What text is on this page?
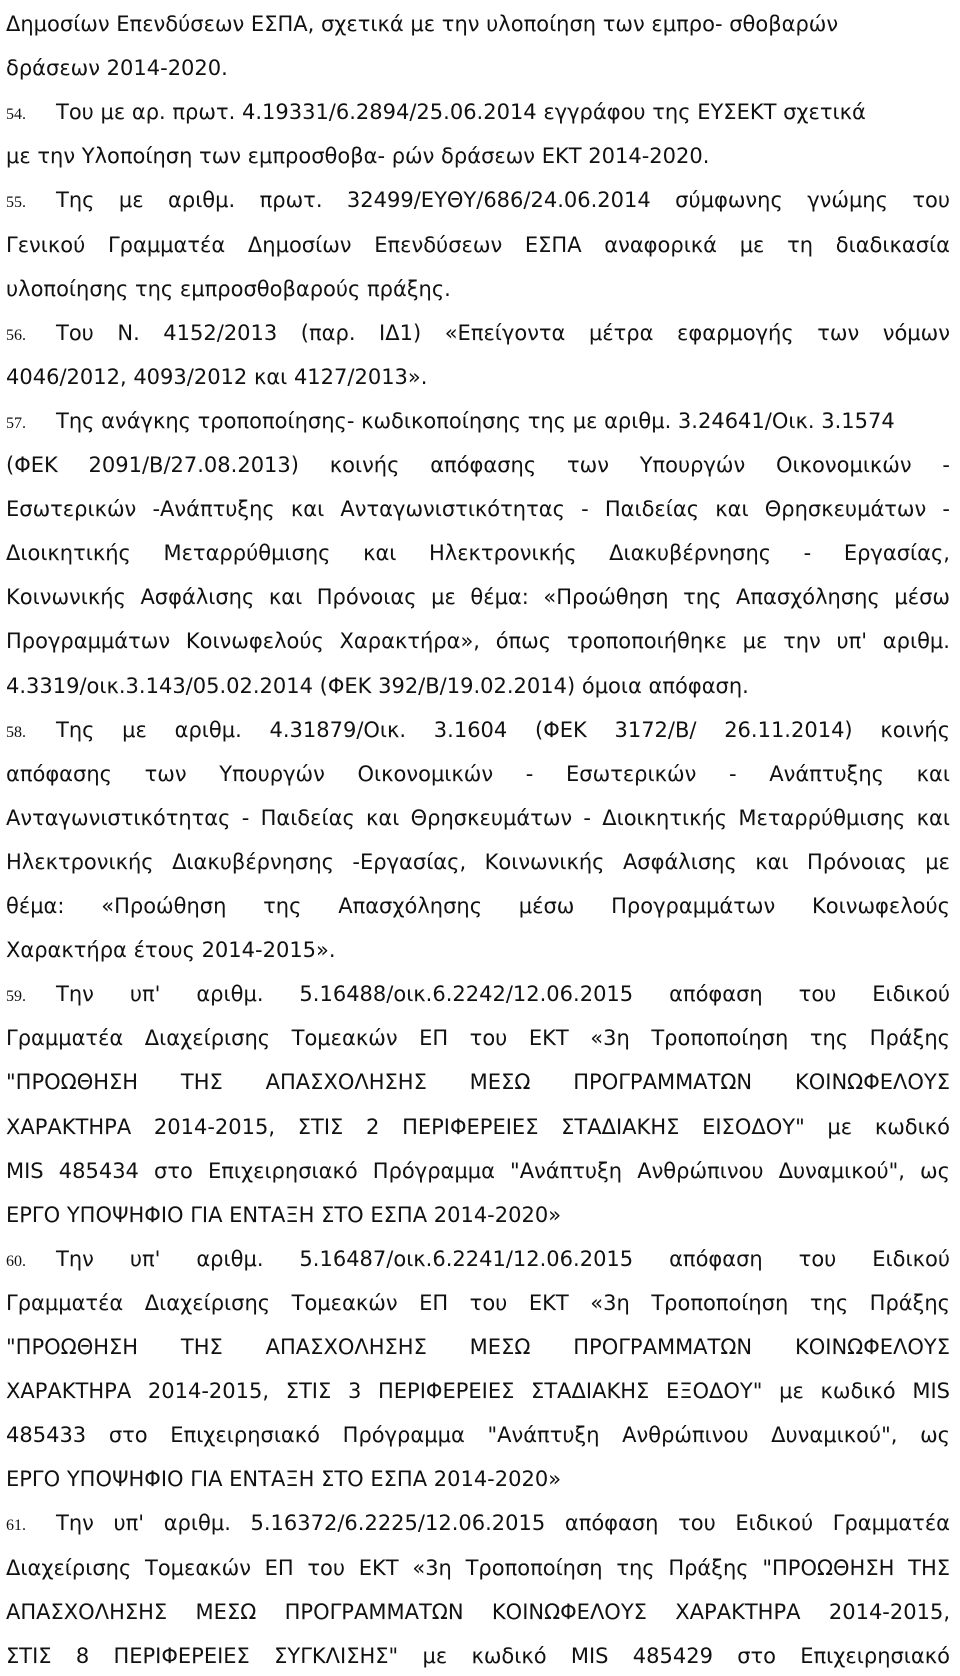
Δημοσίων Επενδύσεων ΕΣΠΑ, σχετικά με την υλοποίηση των εμπρο- σθοβαρών
δράσεων 2014-2020.
54. Του με αρ. πρωτ. 4.19331/6.2894/25.06.2014 εγγράφου της ΕΥΣΕΚΤ σχετικά
με την Υλοποίηση των εμπροσθοβα- ρών δράσεων ΕΚΤ 2014-2020.
55. Της με αριθμ. πρωτ. 32499/ΕΥΘΥ/686/24.06.2014 σύμφωνης γνώμης του
Γενικού Γραμματέα Δημοσίων Επενδύσεων ΕΣΠΑ αναφορικά με τη διαδικασία
υλοποίησης της εμπροσθοβαρούς πράξης.
56. Του Ν. 4152/2013 (παρ. ΙΔ1) «Επείγοντα μέτρα εφαρμογής των νόμων
4046/2012, 4093/2012 και 4127/2013».
57. Της ανάγκης τροποποίησης- κωδικοποίησης της με αριθμ. 3.24641/Οικ. 3.1574
(ΦΕΚ 2091/Β/27.08.2013) κοινής απόφασης των Υπουργών Οικονομικών -
Εσωτερικών -Ανάπτυξης και Ανταγωνιστικότητας - Παιδείας και Θρησκευμάτων -
Διοικητικής Μεταρρύθμισης και Ηλεκτρονικής Διακυβέρνησης - Εργασίας,
Κοινωνικής Ασφάλισης και Πρόνοιας με θέμα: «Προώθηση της Απασχόλησης μέσω
Προγραμμάτων Κοινωφελούς Χαρακτήρα», όπως τροποποιήθηκε με την υπ' αριθμ.
4.3319/οικ.3.143/05.02.2014 (ΦΕΚ 392/Β/19.02.2014) όμοια απόφαση.
58. Της με αριθμ. 4.31879/Οικ. 3.1604 (ΦΕΚ 3172/Β/ 26.11.2014) κοινής
απόφασης των Υπουργών Οικονομικών - Εσωτερικών - Ανάπτυξης και
Ανταγωνιστικότητας - Παιδείας και Θρησκευμάτων - Διοικητικής Μεταρρύθμισης και
Ηλεκτρονικής Διακυβέρνησης -Εργασίας, Κοινωνικής Ασφάλισης και Πρόνοιας με
θέμα: «Προώθηση της Απασχόλησης μέσω Προγραμμάτων Κοινωφελούς
Χαρακτήρα έτους 2014-2015».
59. Την υπ' αριθμ. 5.16488/οικ.6.2242/12.06.2015 απόφαση του Ειδικού
Γραμματέα Διαχείρισης Τομεακών ΕΠ του ΕΚΤ «3η Τροποποίηση της Πράξης
"ΠΡΟΩΘΗΣΗ ΤΗΣ ΑΠΑΣΧΟΛΗΣΗΣ ΜΕΣΩ ΠΡΟΓΡΑΜΜΑΤΩΝ ΚΟΙΝΩΦΕΛΟΥΣ
ΧΑΡΑΚΤΗΡΑ 2014-2015, ΣΤΙΣ 2 ΠΕΡΙΦΕΡΕΙΕΣ ΣΤΑΔΙΑΚΗΣ ΕΙΣΟΔΟΥ" με κωδικό
MIS 485434 στο Επιχειρησιακό Πρόγραμμα "Ανάπτυξη Ανθρώπινου Δυναμικού", ως
ΕΡΓΟ ΥΠΟΨΗΦΙΟ ΓΙΑ ΕΝΤΑΞΗ ΣΤΟ ΕΣΠΑ 2014-2020»
60. Την υπ' αριθμ. 5.16487/οικ.6.2241/12.06.2015 απόφαση του Ειδικού
Γραμματέα Διαχείρισης Τομεακών ΕΠ του ΕΚΤ «3η Τροποποίηση της Πράξης
"ΠΡΟΩΘΗΣΗ ΤΗΣ ΑΠΑΣΧΟΛΗΣΗΣ ΜΕΣΩ ΠΡΟΓΡΑΜΜΑΤΩΝ ΚΟΙΝΩΦΕΛΟΥΣ
ΧΑΡΑΚΤΗΡΑ 2014-2015, ΣΤΙΣ 3 ΠΕΡΙΦΕΡΕΙΕΣ ΣΤΑΔΙΑΚΗΣ ΕΞΟΔΟΥ" με κωδικό MIS
485433 στο Επιχειρησιακό Πρόγραμμα "Ανάπτυξη Ανθρώπινου Δυναμικού", ως
ΕΡΓΟ ΥΠΟΨΗΦΙΟ ΓΙΑ ΕΝΤΑΞΗ ΣΤΟ ΕΣΠΑ 2014-2020»
61. Την υπ' αριθμ. 5.16372/6.2225/12.06.2015 απόφαση του Ειδικού Γραμματέα
Διαχείρισης Τομεακών ΕΠ του ΕΚΤ «3η Τροποποίηση της Πράξης "ΠΡΟΩΘΗΣΗ ΤΗΣ
ΑΠΑΣΧΟΛΗΣΗΣ ΜΕΣΩ ΠΡΟΓΡΑΜΜΑΤΩΝ ΚΟΙΝΩΦΕΛΟΥΣ ΧΑΡΑΚΤΗΡΑ 2014-2015,
ΣΤΙΣ 8 ΠΕΡΙΦΕΡΕΙΕΣ ΣΥΓΚΛΙΣΗΣ" με κωδικό MIS 485429 στο Επιχειρησιακό
